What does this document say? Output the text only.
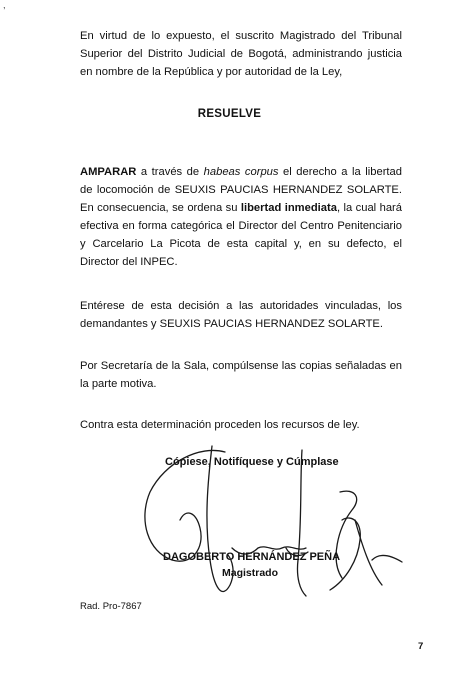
,

En virtud de lo expuesto, el suscrito Magistrado del Tribunal Superior del Distrito Judicial de Bogotá, administrando justicia en nombre de la República y por autoridad de la Ley,

RESUELVE

AMPARAR a través de habeas corpus el derecho a la libertad de locomoción de SEUXIS PAUCIAS HERNANDEZ SOLARTE. En consecuencia, se ordena su libertad inmediata, la cual hará efectiva en forma categórica el Director del Centro Penitenciario y Carcelario La Picota de esta capital y, en su defecto, el Director del INPEC.

Entérese de esta decisión a las autoridades vinculadas, los demandantes y SEUXIS PAUCIAS HERNANDEZ SOLARTE.

Por Secretaría de la Sala, compúlsense las copias señaladas en la parte motiva.

Contra esta determinación proceden los recursos de ley.

Cópiese, Notifíquese y Cúmplase
DAGOBERTO HERNÁNDEZ PEÑA
Magistrado
Rad. Pro-7867
7
